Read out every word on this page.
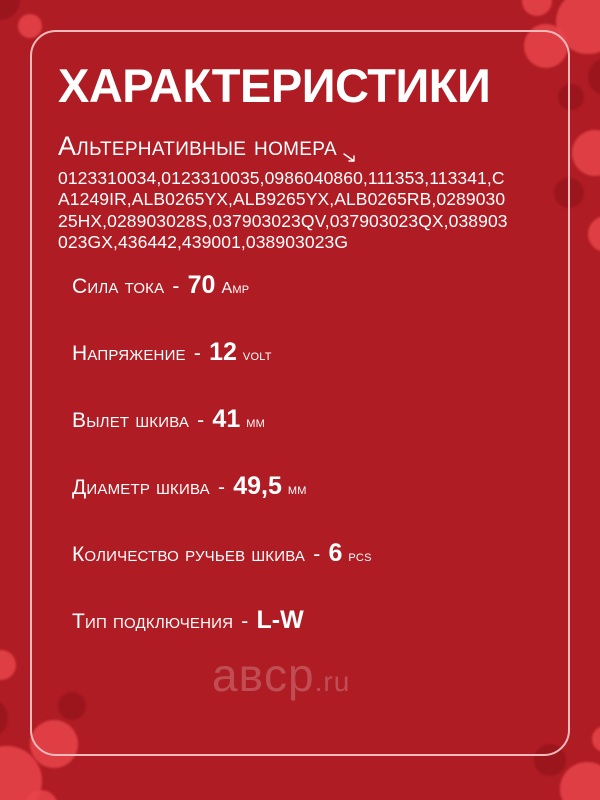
ХАРАКТЕРИСТИКИ
Альтернативные номера
0123310034,0123310035,0986040860,111353,113341,CA1249IR,ALB0265YX,ALB9265YX,ALB0265RB,028903025HX,028903028S,037903023QV,037903023QX,038903023GX,436442,439001,038903023G
Сила тока - 70 Amp
Напряжение - 12 volt
Вылет шкива - 41 мм
Диаметр шкива - 49,5 мм
Количество ручьев шкива - 6 pcs
Тип подключения - L-W
aвcp.ru
